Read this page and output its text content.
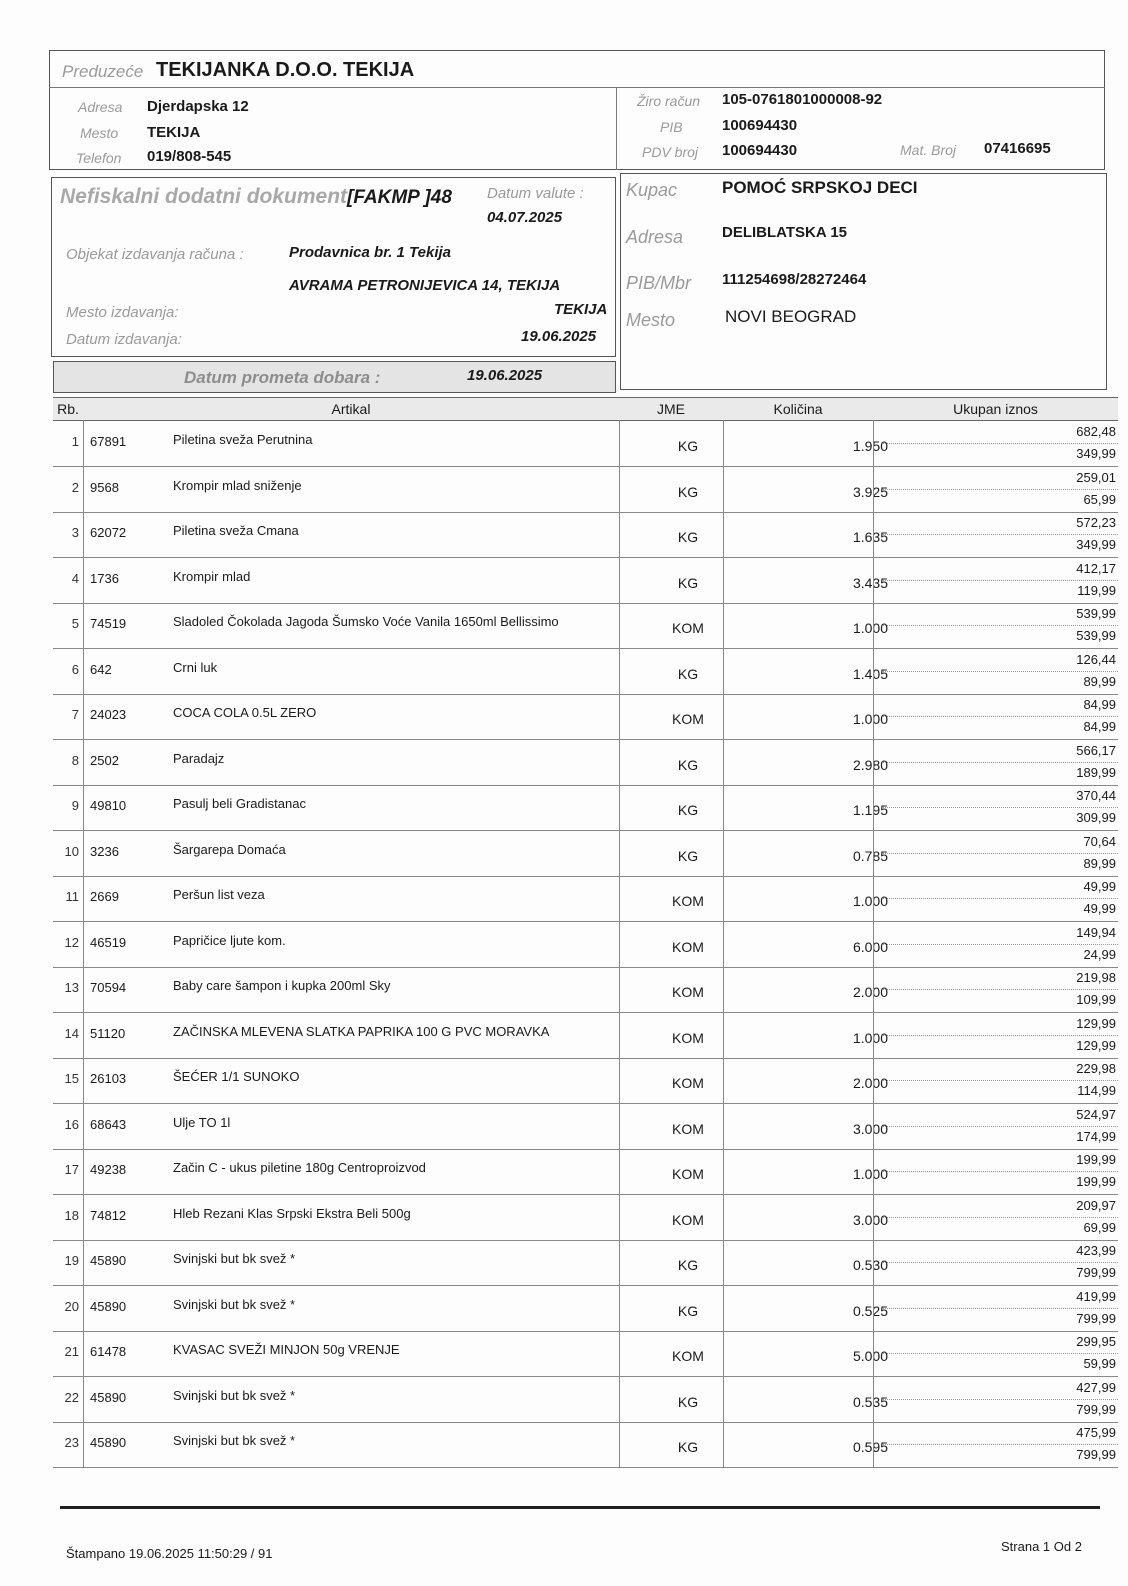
Preduzeće TEKIJANKA D.O.O. TEKIJA
Adresa Djerdapska 12
Mesto TEKIJA
Telefon 019/808-545
Žiro račun 105-0761801000008-92
PIB	100694430
PDV broj 100694430	Mat. Broj 07416695
Nefiskalni dodatni dokument[FAKMP ]48 Datum valute :
04.07.2025
Objekat izdavanja računa :	Prodavnica br. 1 Tekija
AVRAMA PETRONIJEVICA 14, TEKIJA
Mesto izdavanja:	TEKIJA
Datum izdavanja:	19.06.2025
Datum prometa dobara :	19.06.2025
Kupac	POMOĆ SRPSKOJ DECI
Adresa	DELIBLATSKA 15
PIB/Mbr 111254698/28272464
Mesto	NOVI BEOGRAD
Rb.	Artikal	JME	Količina	Ukupan iznos
1 67891	Piletina sveža Perutnina	KG	1.950
682,48
349,99
2 9568	Krompir mlad sniženje	KG	3.925
259,01
65,99
3 62072	Piletina sveža Cmana	KG	1.635
572,23
349,99
4 1736	Krompir mlad	KG	3.435
412,17
119,99
5 74519	Sladoled Čokolada Jagoda Šumsko Voće Vanila 1650ml Bellissimo	KOM	1.000
539,99
539,99
6 642	Crni luk	KG	1.405
126,44
89,99
7 24023	COCA COLA 0.5L ZERO	KOM	1.000
84,99
84,99
8 2502	Paradajz	KG	2.980
566,17
189,99
9 49810	Pasulj beli Gradistanac	KG	1.195
370,44
309,99
10 3236	Šargarepa Domaća	KG	0.785
70,64
89,99
11 2669	Peršun list veza	KOM	1.000
49,99
49,99
12 46519	Papričice ljute kom.	KOM	6.000
149,94
24,99
13 70594	Baby care šampon i kupka 200ml Sky	KOM	2.000
219,98
109,99
14 51120	ZAČINSKA MLEVENA SLATKA PAPRIKA 100 G PVC MORAVKA	KOM	1.000
129,99
129,99
15 26103	ŠEĆER 1/1 SUNOKO	KOM	2.000
229,98
114,99
16 68643	Ulje TO 1l	KOM	3.000
524,97
174,99
17 49238	Začin C - ukus piletine 180g Centroproizvod	KOM	1.000
199,99
199,99
18 74812	Hleb Rezani Klas Srpski Ekstra Beli 500g	KOM	3.000
209,97
69,99
19 45890	Svinjski but bk svež *	KG	0.530
423,99
799,99
20 45890	Svinjski but bk svež *	KG	0.525
419,99
799,99
21 61478	KVASAC SVEŽI MINJON 50g VRENJE	KOM	5.000
299,95
59,99
22 45890	Svinjski but bk svež *	KG	0.535
427,99
799,99
23 45890	Svinjski but bk svež *	KG	0.595
475,99
799,99
Štampano 19.06.2025 11:50:29 / 91	Strana 1 Od 2
